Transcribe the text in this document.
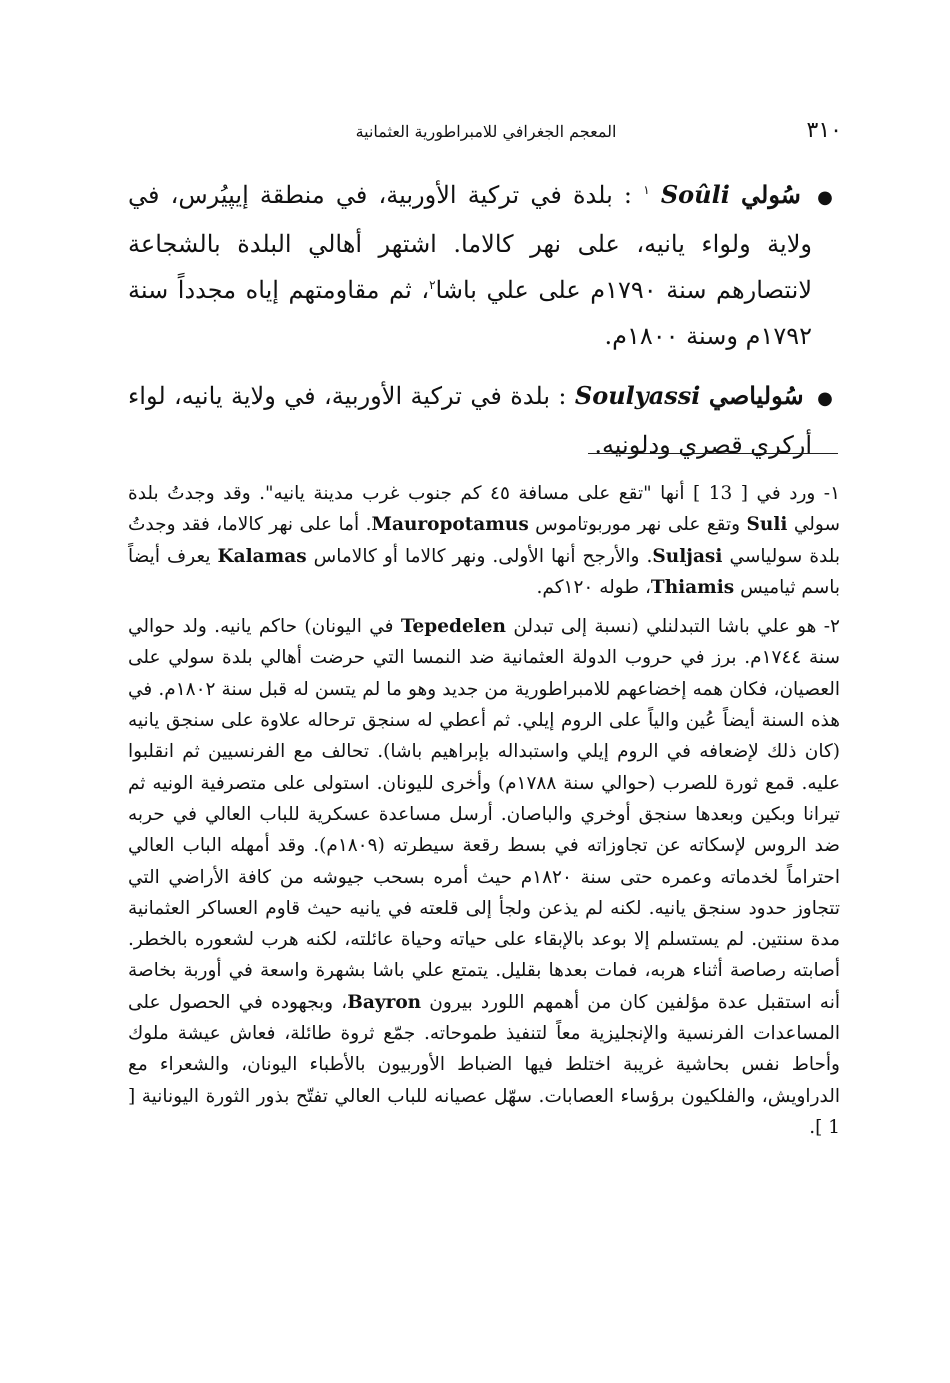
٣١٠
المعجم الجغرافي للامبراطورية العثمانية

● سُولي Soûli $^١$ : بلدة في تركية الأوربية، في منطقة إيپيُرس، في ولاية ولواء يانيه، على نهر كالاما. اشتهر أهالي البلدة بالشجاعة لانتصارهم سنة ١٧٩٠م على علي باشا$^٢$، ثم مقاومتهم إياه مجدداً سنة ١٧٩٢م وسنة ١٨٠٠م.

● سُولياصي Soulyassi : بلدة في تركية الأوربية، في ولاية يانيه، لواء أركري قصري ودلونيه.

١- ورد في [ 13 ] أنها "تقع على مسافة ٤٥ كم جنوب غرب مدينة يانيه". وقد وجدتُ بلدة سولي Suli وتقع على نهر موربوتاموس Mauropotamus. أما على نهر كالاما، فقد وجدتُ بلدة سولياسي Suljasi. والأرجح أنها الأولى. ونهر كالاما أو كالاماس Kalamas يعرف أيضاً باسم ثياميس Thiamis، طوله ١٢٠كم.

٢- هو علي باشا التبدلنلي (نسبة إلى تبدلن Tepedelen في اليونان) حاكم يانيه. ولد حوالي سنة ١٧٤٤م. برز في حروب الدولة العثمانية ضد النمسا التي حرضت أهالي بلدة سولي على العصيان، فكان همه إخضاعهم للامبراطورية من جديد وهو ما لم يتسن له قبل سنة ١٨٠٢م. في هذه السنة أيضاً عُين والياً على الروم إيلي. ثم أعطي له سنجق ترحاله علاوة على سنجق يانيه (كان ذلك لإضعافه في الروم إيلي واستبداله بإبراهيم باشا). تحالف مع الفرنسيين ثم انقلبوا عليه. قمع ثورة للصرب (حوالي سنة ١٧٨٨م) وأخرى لليونان. استولى على متصرفية الونيه ثم تيرانا وبكين وبعدها سنجق أوخري والباصان. أرسل مساعدة عسكرية للباب العالي في حربه ضد الروس لإسكاته عن تجاوزاته في بسط رقعة سيطرته (١٨٠٩م). وقد أمهله الباب العالي احتراماً لخدماته وعمره حتى سنة ١٨٢٠م حيث أمره بسحب جيوشه من كافة الأراضي التي تتجاوز حدود سنجق يانيه. لكنه لم يذعن ولجأ إلى قلعته في يانيه حيث قاوم العساكر العثمانية مدة سنتين. لم يستسلم إلا بوعد بالإبقاء على حياته وحياة عائلته، لكنه هرب لشعوره بالخطر. أصابته رصاصة أثناء هربه، فمات بعدها بقليل. يتمتع علي باشا بشهرة واسعة في أوربة بخاصة أنه استقبل عدة مؤلفين كان من أهمهم اللورد بيرون Bayron، وبجهوده في الحصول على المساعدات الفرنسية والإنجليزية معاً لتنفيذ طموحاته. جمّع ثروة طائلة، فعاش عيشة ملوك وأحاط نفس بحاشية غريبة اختلط فيها الضباط الأوربيون بالأطباء اليونان، والشعراء مع الدراويش، والفلكيون برؤساء العصابات. سهّل عصيانه للباب العالي تفتّح بذور الثورة اليونانية [ 1 ].
